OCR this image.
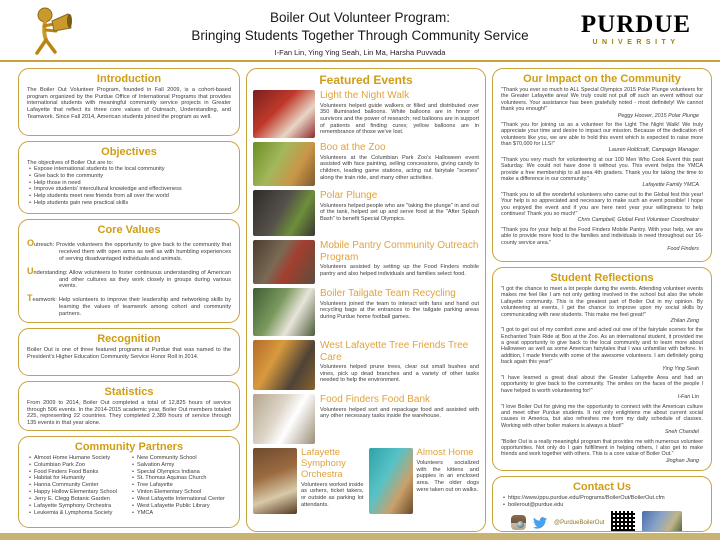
Boiler Out Volunteer Program:
Bringing Students Together Through Community Service
I-Fan Lin, Ying Ying Seah, Lin Ma, Harsha Puvvada
PURDUE
UNIVERSITY
Introduction
The Boiler Out Volunteer Program, founded in Fall 2009, is a cohort-based program organized by the Purdue Office of International Programs that provides international students with meaningful community service projects in Greater Lafayette that reflect its three core values of Outreach, Understanding, and Teamwork. Since Fall 2014, American students joined the program as well.
Objectives
The objectives of Boiler Out are to:
• Expose international students to the local community
• Give back to the community
• Help those in need
• Improve students' intercultural knowledge and effectiveness
• Help students meet new friends from all over the world
• Help students gain new practical skills
Core Values

Outreach: Provide volunteers the opportunity to give back to the community that received them with open arms as well as with humbling experiences of serving disadvantaged individuals and animals.

Understanding: Allow volunteers to foster continuous understanding of American and other cultures as they work closely in groups during various events.

Teamwork: Help volunteers to improve their leadership and networking skills by learning the values of teamwork among cohort and community partners.

Recognition
Boiler Out is one of three featured programs at Purdue that was named to the President's Higher Education Community Service Honor Roll in 2014.
Statistics
From 2009 to 2014, Boiler Out completed a total of 12,825 hours of service through 506 events. In the 2014-2015 academic year, Boiler Out members totaled 225, representing 22 countries. They completed 2,389 hours of service through 135 events in that year alone.
Community Partners
• Almost Home Humane Society
• Columbian Park Zoo
• Food Finders Food Banks
• Habitat for Humanity
• Hanna Community Center
• Happy Hollow Elementary School
• Jerry E. Clegg Botanic Garden
• Lafayette Symphony Orchestra
• Leukemia & Lymphoma Society
• New Community School
• Salvation Army
• Special Olympics Indiana
• St. Thomas Aquinas Church
• Tree Lafayette
• Vinton Elementary School
• West Lafayette International Center
• West Lafayette Public Library
• YMCA
Featured Events
Light the Night Walk
Volunteers helped guide walkers or filled and distributed over 350 illuminated balloons. White balloons are in honor of survivors and the power of research; red balloons are in support of patients and finding cures; yellow balloons are in remembrance of those we've lost.
Boo at the Zoo
Volunteers at the Columbian Park Zoo's Halloween event assisted with face painting, selling concessions, giving candy to children, leading game stations, acting out fairytale "scenes" along the train ride, and many other activities.
Polar Plunge
Volunteers helped people who are "taking the plunge" in and out of the tank, helped set up and serve food at the "After Splash Bash" to benefit Special Olympics.
Mobile Pantry Community Outreach Program
Volunteers assisted by setting up the Food Finders mobile pantry and also helped individuals and families select food.
Boiler Tailgate Team Recycling
Volunteers joined the team to interact with fans and hand out recycling bags at the entrances to the tailgate parking areas during Purdue home football games.
West Lafayette Tree Friends Tree Care
Volunteers helped prune trees, clear out small bushes and vines, pick up dead branches and a variety of other tasks needed to help the environment.
Food Finders Food Bank
Volunteers helped sort and repackage food and assisted with any other necessary tasks inside the warehouse.
Lafayette Symphony Orchestra
Volunteers worked inside as ushers, ticket takers, or outside as parking lot attendants.
Almost Home
Volunteers socialized with the kittens and puppies in an enclosed area. The older dogs were taken out on walks.
Our Impact on the Community
"Thank you ever so much to ALL Special Olympics 2015 Polar Plunge volunteers for the Greater Lafayette area! We truly could not pull off such an event without our volunteers. Your assistance has been gratefully noted - most definitely! We cannot thank you enough!"
Peggy Hoover, 2015 Polar Plunge
"Thank you for joining us as a volunteer for the Light The Night Walk! We truly appreciate your time and desire to impact our mission. Because of the dedication of volunteers like you, we are able to hold this event which is expected to raise more than $70,000 for LLS!"
Lauren Holdcraft, Campaign Manager
"Thank you very much for volunteering at our 100 Men Who Cook Event this past Saturday. We could not have done it without you. This event helps the YMCA provide a free membership to all area 4th graders. Thank you for taking the time to make a difference in our community."
Lafayette Family YMCA
"Thank you to all the wonderful volunteers who came out to the Global fest this year! Your help is so appreciated and necessary to make such an event possible! I hope you enjoyed the event and if you are here next year your willingness to help continues! Thank you so much!"
Chris Campbell, Global Fest Volunteer Coordinator
"Thank you for your help at the Food Finders Mobile Pantry. With your help, we are able to provide more food to the families and individuals in need throughout our 16-county service area."
Food Finders
Student Reflections
"I got the chance to meet a lot people during the events. Attending volunteer events makes me feel like I am not only getting involved in the school but also the whole Lafayette community. This is the greatest part of Boiler Out in my opinion. By volunteering at events, I get the chance to improve upon my social skills by communicating with new students. This make me feel great!"
Zhilan Zeng
"I got to get out of my comfort zone and acted out one of the fairytale scenes for the Enchanted Train Ride at Boo at the Zoo. As an international student, it provided me a great opportunity to give back to the local community and to learn more about Halloween as well as some American fairytales that I was unfamiliar with before. In addition, I made friends with some of the awesome volunteers. I am definitely going back again this year!"
Ying Ying Seah
"I have learned a great deal about the Greater Lafayette Area and had an opportunity to give back to the community. The smiles on the faces of the people I have helped is worth volunteering for!"
I-Fan Lin
"I love Boiler Out for giving me the opportunity to connect with the American culture and meet other Purdue students. It not only enlightens me about current social causes in America, but also refreshes me from my daily schedule of classes. Working with other boiler makers is always a blast!"
Sneh Chandel
"Boiler Out is a really meaningful program that provides me with numerous volunteer opportunities. Not only do I gain fulfillment in helping others, I also get to make friends and work together with others. This is a core value of Boiler Out."
Jinghan Jiang
Contact Us
• https://www.ippu.purdue.edu/Programs/BoilerOut/BoilerOut.cfm
• boilerout@purdue.edu
@PurdueBoilerOut
